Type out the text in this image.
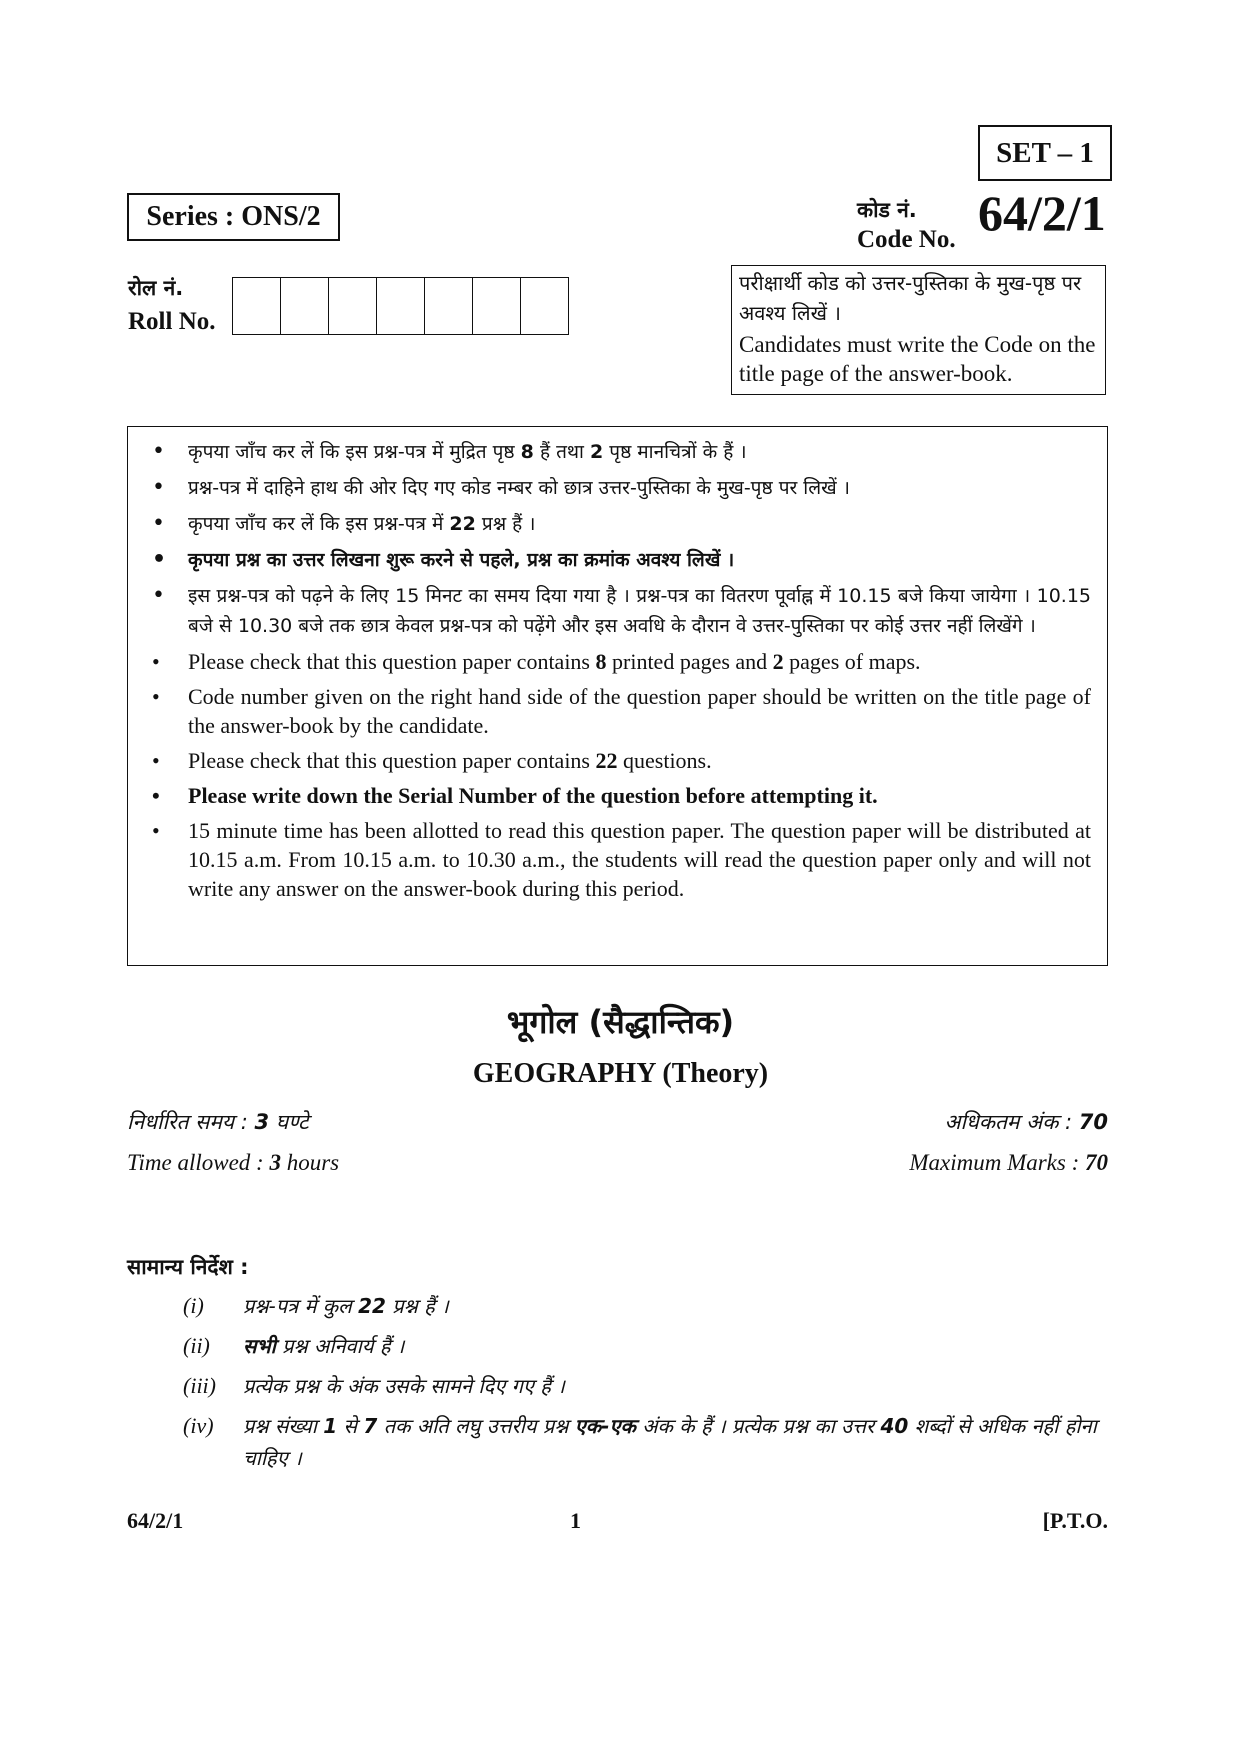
SET – 1
Series : ONS/2	कोड नं.
Code No. 64/2/1
रोल नं.
Roll No.
परीक्षार्थी कोड को उत्तर-पुस्तिका के मुख-पृष्ठ पर अवश्य लिखें ।
Candidates must write the Code on the title page of the answer-book.
• कृपया जाँच कर लें कि इस प्रश्न-पत्र में मुद्रित पृष्ठ 8 हैं तथा 2 पृष्ठ मानचित्रों के हैं ।
• प्रश्न-पत्र में दाहिने हाथ की ओर दिए गए कोड नम्बर को छात्र उत्तर-पुस्तिका के मुख-पृष्ठ पर लिखें ।
• कृपया जाँच कर लें कि इस प्रश्न-पत्र में 22 प्रश्न हैं ।
• कृपया प्रश्न का उत्तर लिखना शुरू करने से पहले, प्रश्न का क्रमांक अवश्य लिखें ।
• इस प्रश्न-पत्र को पढ़ने के लिए 15 मिनट का समय दिया गया है । प्रश्न-पत्र का वितरण पूर्वाह्न में 10.15 बजे किया जायेगा । 10.15 बजे से 10.30 बजे तक छात्र केवल प्रश्न-पत्र को पढ़ेंगे और इस अवधि के दौरान वे उत्तर-पुस्तिका पर कोई उत्तर नहीं लिखेंगे ।
• Please check that this question paper contains 8 printed pages and 2 pages of maps.
• Code number given on the right hand side of the question paper should be written on the title page of the answer-book by the candidate.
• Please check that this question paper contains 22 questions.
• Please write down the Serial Number of the question before attempting it.
• 15 minute time has been allotted to read this question paper. The question paper will be distributed at 10.15 a.m. From 10.15 a.m. to 10.30 a.m., the students will read the question paper only and will not write any answer on the answer-book during this period.
भूगोल (सैद्धान्तिक)
GEOGRAPHY (Theory)
निर्धारित समय : 3 घण्टे
Time allowed : 3 hours
अधिकतम अंक : 70
Maximum Marks : 70
सामान्य निर्देश :
(i)	प्रश्न-पत्र में कुल 22 प्रश्न हैं ।
(ii)	सभी प्रश्न अनिवार्य हैं ।
(iii)	प्रत्येक प्रश्न के अंक उसके सामने दिए गए हैं ।
(iv)	प्रश्न संख्या 1 से 7 तक अति लघु उत्तरीय प्रश्न एक-एक अंक के हैं । प्रत्येक प्रश्न का उत्तर 40 शब्दों से अधिक नहीं होना चाहिए ।
64/2/1	1	[P.T.O.
